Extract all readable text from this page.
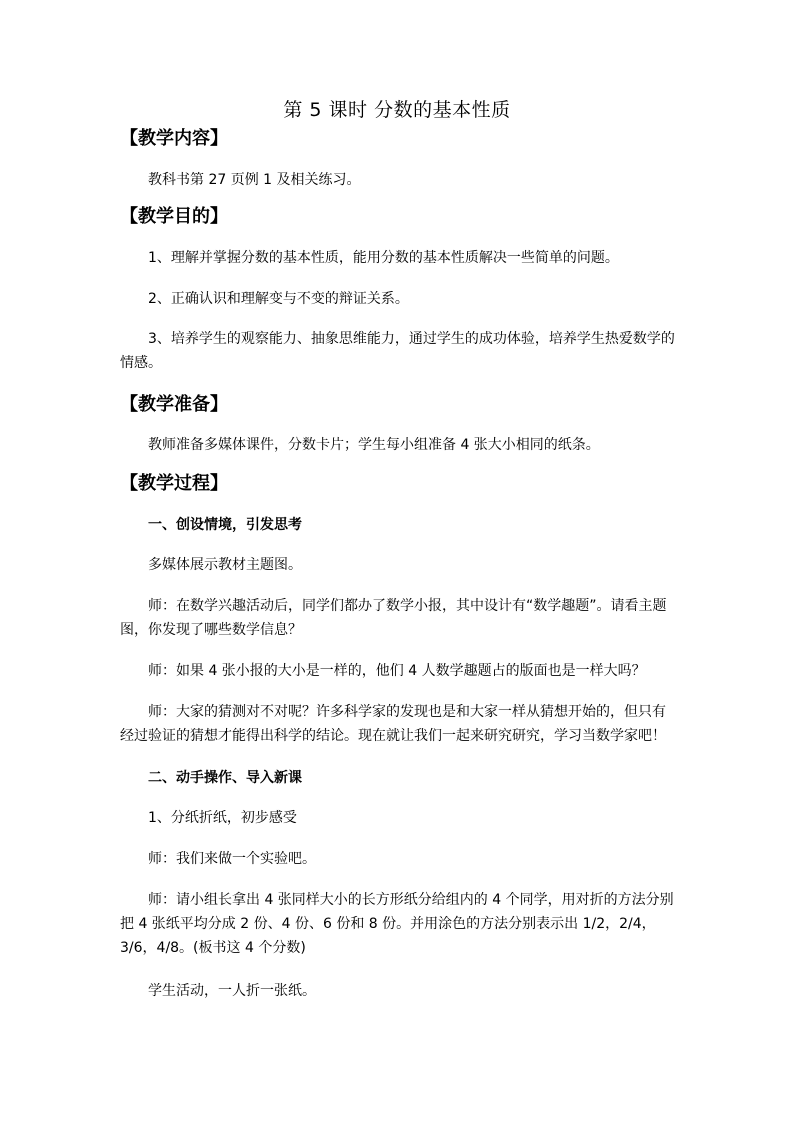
第 5 课时 分数的基本性质
【教学内容】
教科书第 27 页例 1 及相关练习。
【教学目的】
1、理解并掌握分数的基本性质，能用分数的基本性质解决一些简单的问题。
2、正确认识和理解变与不变的辩证关系。
3、培养学生的观察能力、抽象思维能力，通过学生的成功体验，培养学生热爱数学的情感。
【教学准备】
教师准备多媒体课件，分数卡片；学生每小组准备 4 张大小相同的纸条。
【教学过程】
一、创设情境，引发思考
多媒体展示教材主题图。
师：在数学兴趣活动后，同学们都办了数学小报，其中设计有“数学趣题”。请看主题图，你发现了哪些数学信息？
师：如果 4 张小报的大小是一样的，他们 4 人数学趣题占的版面也是一样大吗？
师：大家的猜测对不对呢？许多科学家的发现也是和大家一样从猜想开始的，但只有经过验证的猜想才能得出科学的结论。现在就让我们一起来研究研究，学习当数学家吧！
二、动手操作、导入新课
1、分纸折纸，初步感受
师：我们来做一个实验吧。
师：请小组长拿出 4 张同样大小的长方形纸分给组内的 4 个同学，用对折的方法分别把 4 张纸平均分成 2 份、4 份、6 份和 8 份。并用涂色的方法分别表示出 1/2，2/4，3/6，4/8。(板书这 4 个分数)
学生活动，一人折一张纸。
